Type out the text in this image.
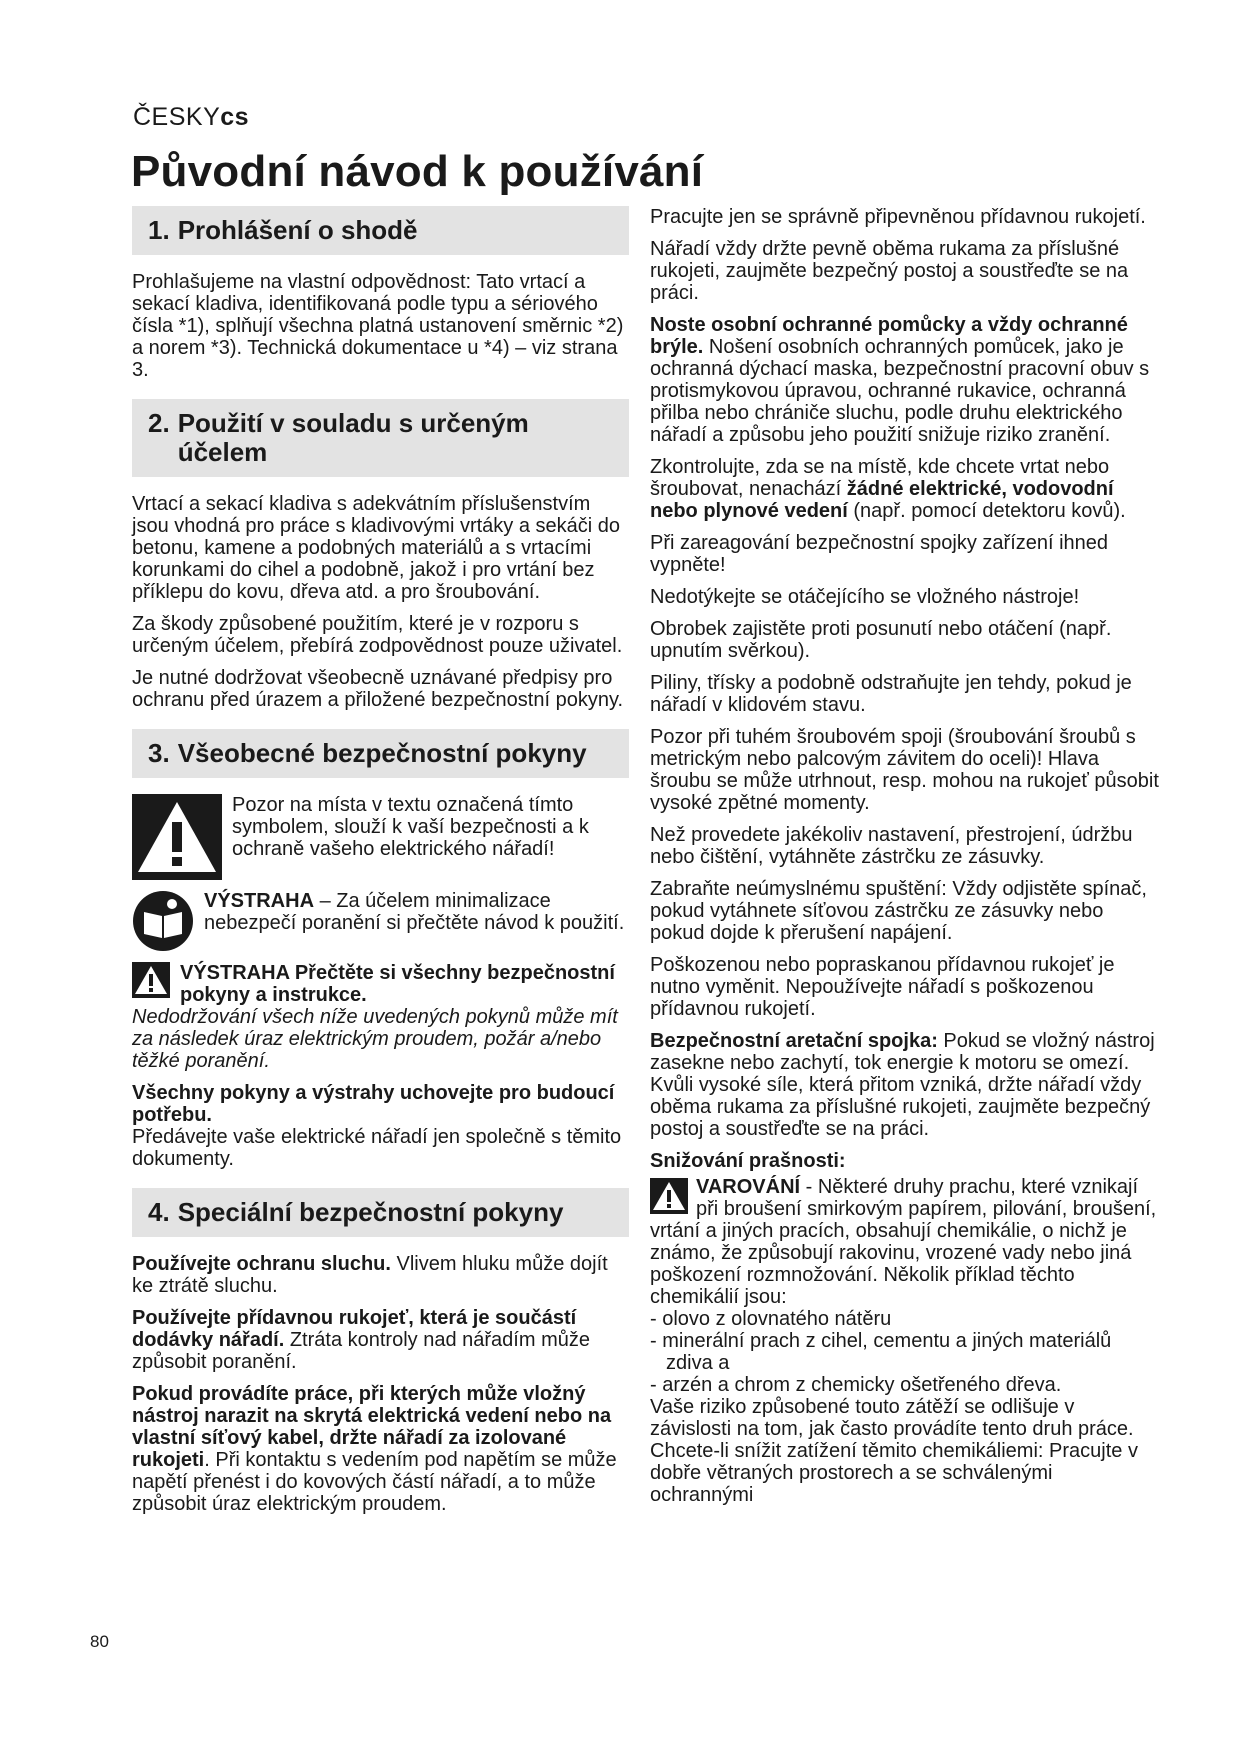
ČESKYcs
Původní návod k používání
1. Prohlášení o shodě

Prohlašujeme na vlastní odpovědnost: Tato vrtací a sekací kladiva, identifikovaná podle typu a sériového čísla *1), splňují všechna platná ustanovení směrnic *2) a norem *3). Technická dokumentace u *4) – viz strana 3.

2. Použití v souladu s určeným účelem

Vrtací a sekací kladiva s adekvátním příslušenstvím jsou vhodná pro práce s kladivovými vrtáky a sekáči do betonu, kamene a podobných materiálů a s vrtacími korunkami do cihel a podobně, jakož i pro vrtání bez příklepu do kovu, dřeva atd. a pro šroubování.

Za škody způsobené použitím, které je v rozporu s určeným účelem, přebírá zodpovědnost pouze uživatel.

Je nutné dodržovat všeobecně uznávané předpisy pro ochranu před úrazem a přiložené bezpečnostní pokyny.

3. Všeobecné bezpečnostní pokyny

Pozor na místa v textu označená tímto symbolem, slouží k vaší bezpečnosti a k ochraně vašeho elektrického nářadí!

VÝSTRAHA – Za účelem minimalizace nebezpečí poranění si přečtěte návod k použití.

VÝSTRAHA Přečtěte si všechny bezpečnostní pokyny a instrukce.

Nedodržování všech níže uvedených pokynů může mít za následek úraz elektrickým proudem, požár a/nebo těžké poranění.

Všechny pokyny a výstrahy uchovejte pro budoucí potřebu.

Předávejte vaše elektrické nářadí jen společně s těmito dokumenty.

4. Speciální bezpečnostní pokyny

Používejte ochranu sluchu. Vlivem hluku může dojít ke ztrátě sluchu.

Používejte přídavnou rukojeť, která je součástí dodávky nářadí. Ztráta kontroly nad nářadím může způsobit poranění.

Pokud provádíte práce, při kterých může vložný nástroj narazit na skrytá elektrická vedení nebo na vlastní síťový kabel, držte nářadí za izolované rukojeti. Při kontaktu s vedením pod napětím se může napětí přenést i do kovových částí nářadí, a to může způsobit úraz elektrickým proudem.

Pracujte jen se správně připevněnou přídavnou rukojetí.

Nářadí vždy držte pevně oběma rukama za příslušné rukojeti, zaujměte bezpečný postoj a soustřeďte se na práci.

Noste osobní ochranné pomůcky a vždy ochranné brýle. Nošení osobních ochranných pomůcek, jako je ochranná dýchací maska, bezpečnostní pracovní obuv s protismykovou úpravou, ochranné rukavice, ochranná přilba nebo chrániče sluchu, podle druhu elektrického nářadí a způsobu jeho použití snižuje riziko zranění.

Zkontrolujte, zda se na místě, kde chcete vrtat nebo šroubovat, nenachází žádné elektrické, vodovodní nebo plynové vedení (např. pomocí detektoru kovů).

Při zareagování bezpečnostní spojky zařízení ihned vypněte!

Nedotýkejte se otáčejícího se vložného nástroje!

Obrobek zajistěte proti posunutí nebo otáčení (např. upnutím svěrkou).

Piliny, třísky a podobně odstraňujte jen tehdy, pokud je nářadí v klidovém stavu.

Pozor při tuhém šroubovém spoji (šroubování šroubů s metrickým nebo palcovým závitem do oceli)! Hlava šroubu se může utrhnout, resp. mohou na rukojeť působit vysoké zpětné momenty.

Než provedete jakékoliv nastavení, přestrojení, údržbu nebo čištění, vytáhněte zástrčku ze zásuvky.

Zabraňte neúmyslnému spuštění: Vždy odjistěte spínač, pokud vytáhnete síťovou zástrčku ze zásuvky nebo pokud dojde k přerušení napájení.

Poškozenou nebo popraskanou přídavnou rukojeť je nutno vyměnit. Nepoužívejte nářadí s poškozenou přídavnou rukojetí.

Bezpečnostní aretační spojka: Pokud se vložný nástroj zasekne nebo zachytí, tok energie k motoru se omezí. Kvůli vysoké síle, která přitom vzniká, držte nářadí vždy oběma rukama za příslušné rukojeti, zaujměte bezpečný postoj a soustřeďte se na práci.

Snižování prašnosti:

VAROVÁNÍ - Některé druhy prachu, které vznikají při broušení smirkovým papírem, pilování, broušení, vrtání a jiných pracích, obsahují chemikálie, o nichž je známo, že způsobují rakovinu, vrozené vady nebo jiná poškození rozmnožování. Několik příklad těchto chemikálií jsou:

- olovo z olovnatého nátěru

- minerální prach z cihel, cementu a jiných materiálů zdiva a

- arzén a chrom z chemicky ošetřeného dřeva.

Vaše riziko způsobené touto zátěží se odlišuje v závislosti na tom, jak často provádíte tento druh práce. Chcete-li snížit zatížení těmito chemikáliemi: Pracujte v dobře větraných prostorech a se schválenými ochrannými

80
